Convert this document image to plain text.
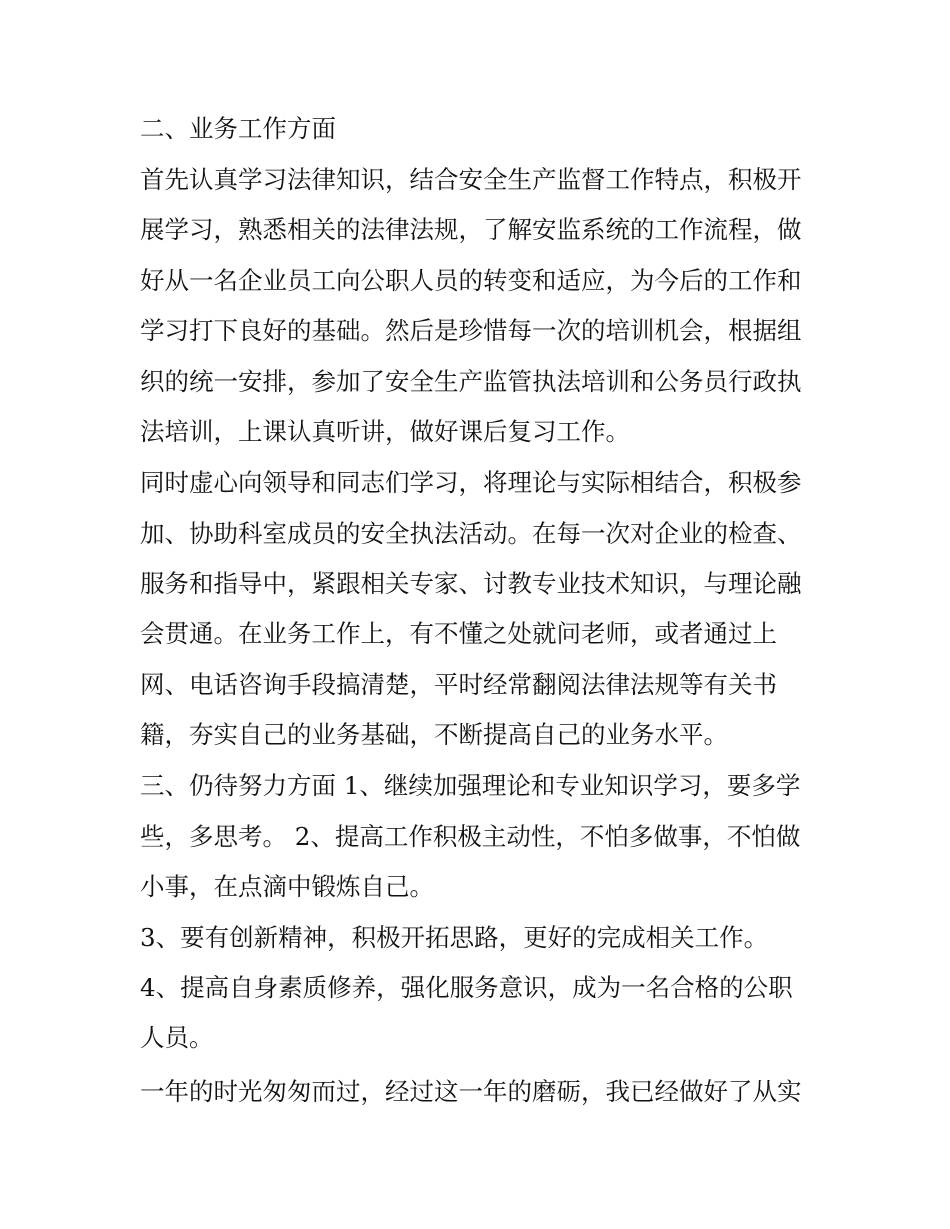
二、业务工作方面

首先认真学习法律知识，结合安全生产监督工作特点，积极开

展学习，熟悉相关的法律法规，了解安监系统的工作流程，做

好从一名企业员工向公职人员的转变和适应，为今后的工作和

学习打下良好的基础。然后是珍惜每一次的培训机会，根据组

织的统一安排，参加了安全生产监管执法培训和公务员行政执

法培训，上课认真听讲，做好课后复习工作。

同时虚心向领导和同志们学习，将理论与实际相结合，积极参

加、协助科室成员的安全执法活动。在每一次对企业的检查、

服务和指导中，紧跟相关专家、讨教专业技术知识，与理论融

会贯通。在业务工作上，有不懂之处就问老师，或者通过上

网、电话咨询手段搞清楚，平时经常翻阅法律法规等有关书

籍，夯实自己的业务基础，不断提高自己的业务水平。

三、仍待努力方面 1、继续加强理论和专业知识学习，要多学

些，多思考。 2、提高工作积极主动性，不怕多做事，不怕做

小事，在点滴中锻炼自己。

3、要有创新精神，积极开拓思路，更好的完成相关工作。

4、提高自身素质修养，强化服务意识，成为一名合格的公职

人员。

一年的时光匆匆而过，经过这一年的磨砺，我已经做好了从实
